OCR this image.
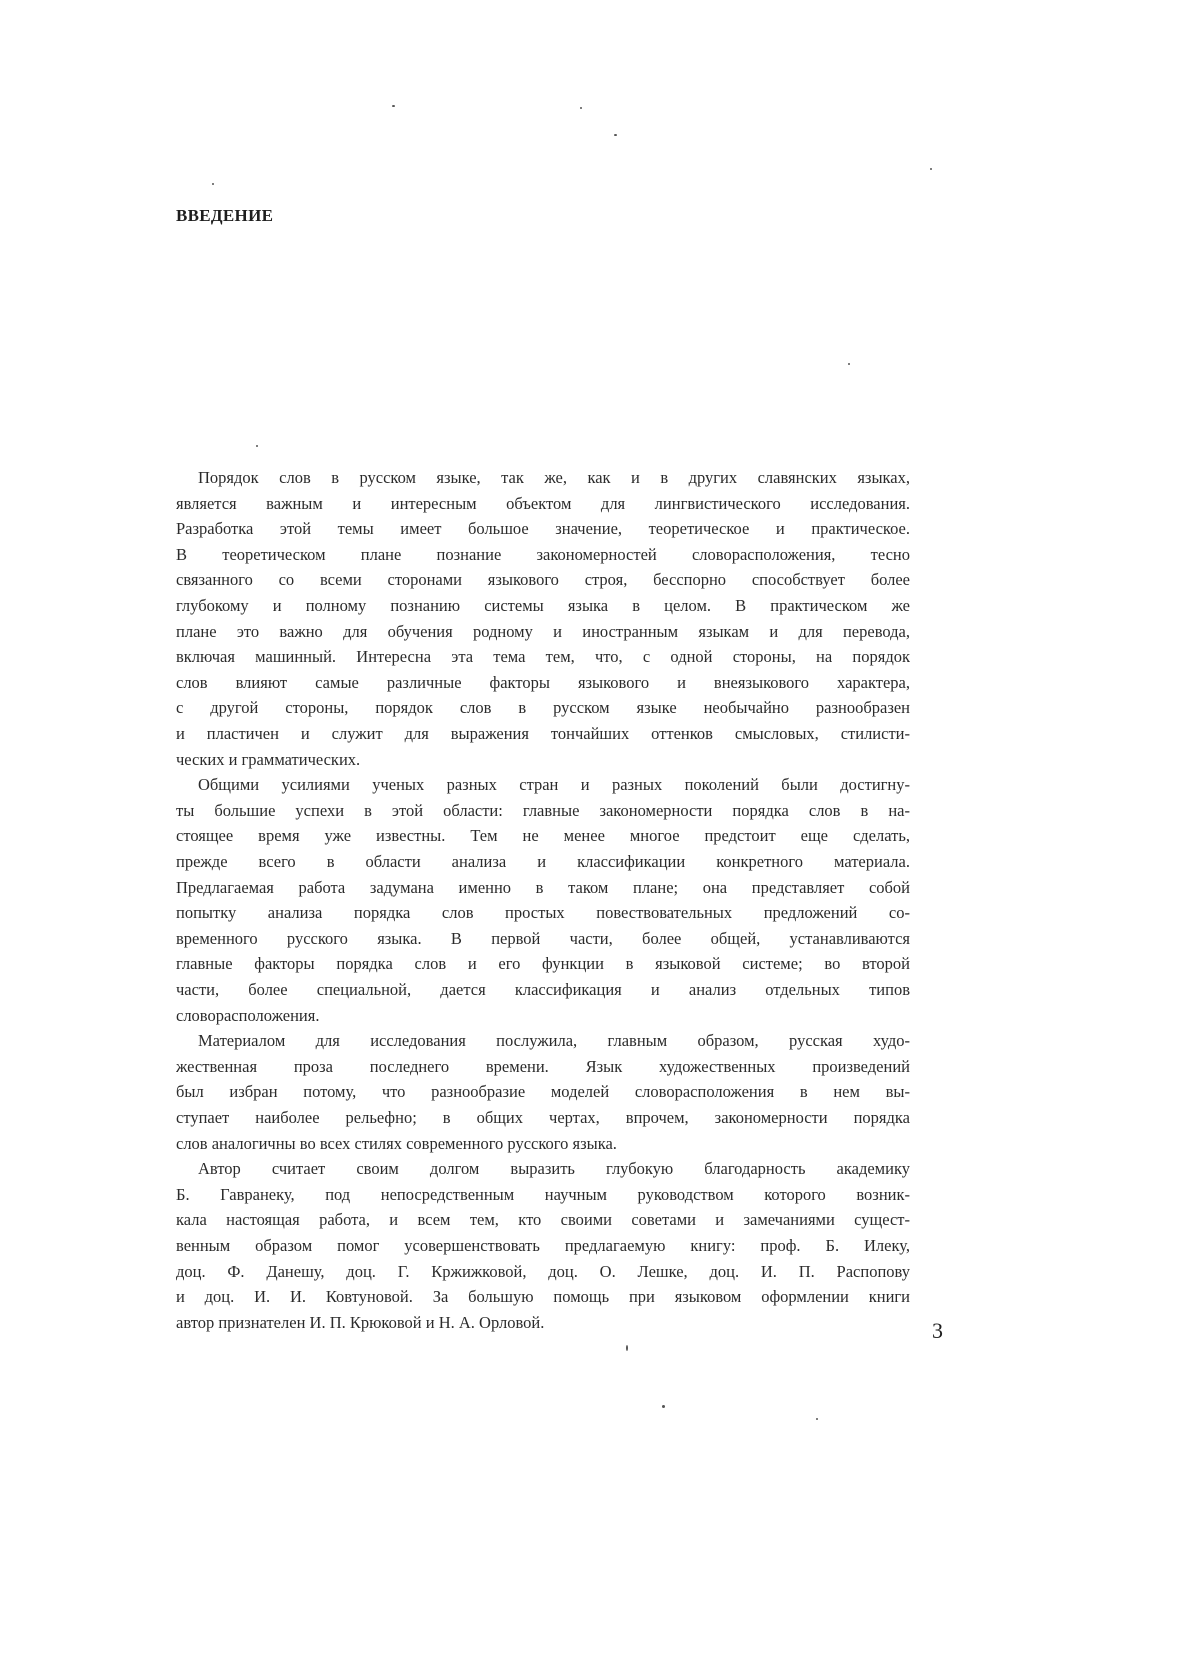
ВВЕДЕНИЕ
Порядок слов в русском языке, так же, как и в других славянских языках,
является важным и интересным объектом для лингвистического исследования.
Разработка этой темы имеет большое значение, теоретическое и практическое.
В теоретическом плане познание закономерностей словорасположения, тесно
связанного со всеми сторонами языкового строя, бесспорно способствует более
глубокому и полному познанию системы языка в целом. В практическом же
плане это важно для обучения родному и иностранным языкам и для перевода,
включая машинный. Интересна эта тема тем, что, с одной стороны, на порядок
слов влияют самые различные факторы языкового и внеязыкового характера,
с другой стороны, порядок слов в русском языке необычайно разнообразен
и пластичен и служит для выражения тончайших оттенков смысловых, стилисти-
ческих и грамматических.
Общими усилиями ученых разных стран и разных поколений были достигну-
ты большие успехи в этой области: главные закономерности порядка слов в на-
стоящее время уже известны. Тем не менее многое предстоит еще сделать,
прежде всего в области анализа и классификации конкретного материала.
Предлагаемая работа задумана именно в таком плане; она представляет собой
попытку анализа порядка слов простых повествовательных предложений со-
временного русского языка. В первой части, более общей, устанавливаются
главные факторы порядка слов и его функции в языковой системе; во второй
части, более специальной, дается классификация и анализ отдельных типов
словорасположения.
Материалом для исследования послужила, главным образом, русская худо-
жественная проза последнего времени. Язык художественных произведений
был избран потому, что разнообразие моделей словорасположения в нем вы-
ступает наиболее рельефно; в общих чертах, впрочем, закономерности порядка
слов аналогичны во всех стилях современного русского языка.
Автор считает своим долгом выразить глубокую благодарность академику
Б. Гавранеку, под непосредственным научным руководством которого возник-
кала настоящая работа, и всем тем, кто своими советами и замечаниями сущест-
венным образом помог усовершенствовать предлагаемую книгу: проф. Б. Илеку,
доц. Ф. Данешу, доц. Г. Кржижковой, доц. О. Лешке, доц. И. П. Распопову
и доц. И. И. Ковтуновой. За большую помощь при языковом оформлении книги
автор признателен И. П. Крюковой и Н. А. Орловой.	3
